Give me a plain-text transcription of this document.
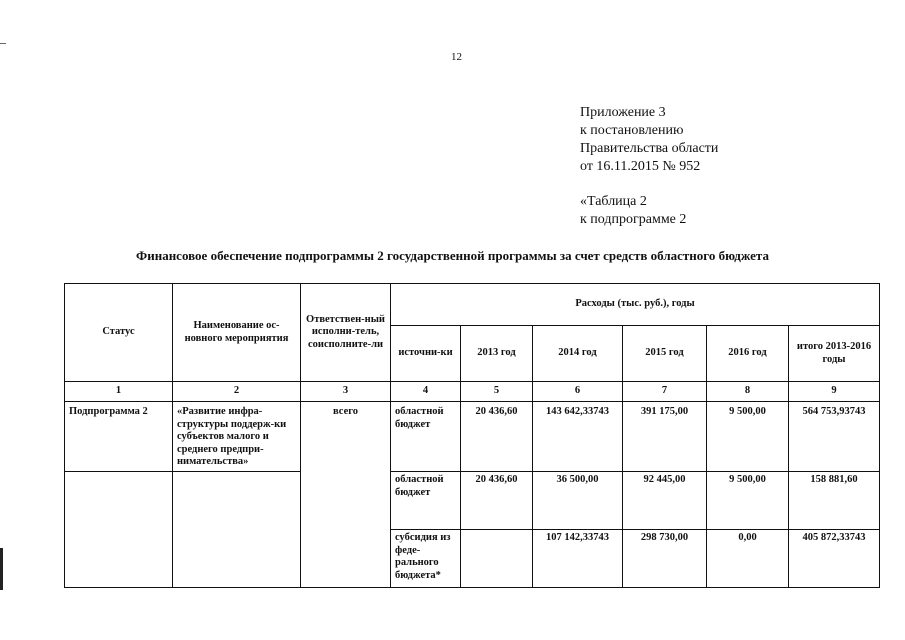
12
Приложение 3
к постановлению
Правительства области
от 16.11.2015 № 952
«Таблица 2
к подпрограмме 2
Финансовое обеспечение подпрограммы 2 государственной программы за счет средств областного бюджета
Статус	Наименование ос-новного мероприятия	Ответствен-ный исполни-тель, соисполните-ли	Расходы (тыс. руб.), годы					
			источни-ки	2013 год	2014 год	2015 год	2016 год	итого 2013-2016 годы
1	2	3	4	5	6	7	8	9
Подпрограмма 2	«Развитие инфра-структуры поддерж-ки субъектов малого и среднего предпри-нимательства»	всего	областной бюджет	20 436,60	143 642,33743	391 175,00	9 500,00	564 753,93743
			областной бюджет	20 436,60	36 500,00	92 445,00	9 500,00	158 881,60
			субсидия из феде-рального бюджета*		107 142,33743	298 730,00	0,00	405 872,33743
